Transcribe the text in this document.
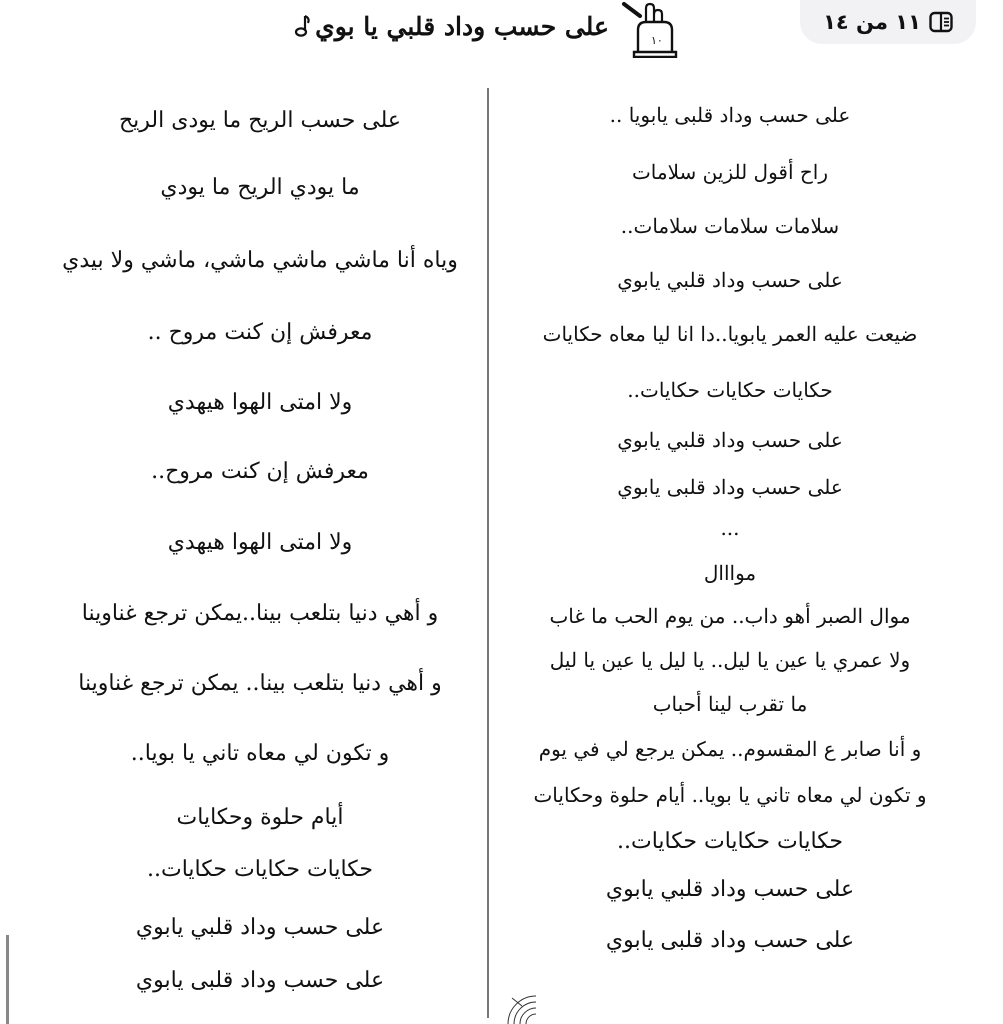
على حسب وداد قلبي يا بوي	١٠
١١ من ١٤
على حسب وداد قلبى يابويا ..
راح أقول للزين سلامات
سلامات سلامات سلامات..
على حسب وداد قلبي يابوي
ضيعت عليه العمر يابويا..دا انا ليا معاه حكايات
حكايات حكايات حكايات..
على حسب وداد قلبي يابوي
على حسب وداد قلبى يابوي
...
موااال
موال الصبر أهو داب.. من يوم الحب ما غاب
ولا عمري يا عين يا ليل.. يا ليل يا عين يا ليل
ما تقرب لينا أحباب
و أنا صابر ع المقسوم.. يمكن يرجع لي في يوم
و تكون لي معاه تاني يا بويا.. أيام حلوة وحكايات
حكايات حكايات حكايات..
على حسب وداد قلبي يابوي
على حسب وداد قلبى يابوي
على حسب الريح ما يودى الريح
ما يودي الريح ما يودي
وياه أنا ماشي ماشي ماشي، ماشي ولا بيدي
معرفش إن كنت مروح ..
ولا امتى الهوا هيهدي
معرفش إن كنت مروح..
ولا امتى الهوا هيهدي
و أهي دنيا بتلعب بينا..يمكن ترجع غناوينا
و أهي دنيا بتلعب بينا.. يمكن ترجع غناوينا
و تكون لي معاه تاني يا بويا..
أيام حلوة وحكايات
حكايات حكايات حكايات..
على حسب وداد قلبي يابوي
على حسب وداد قلبى يابوي
